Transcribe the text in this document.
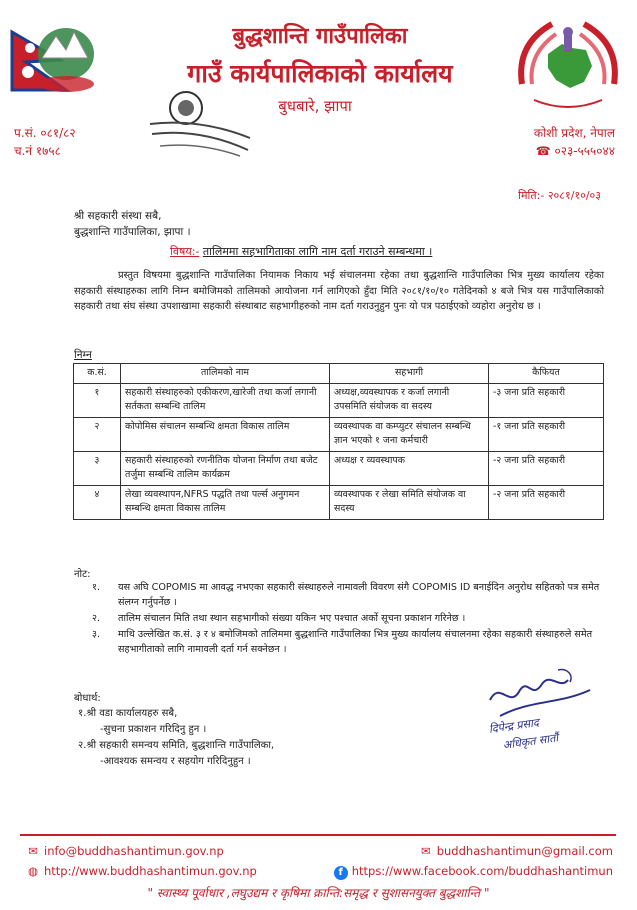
बुद्धशान्ति गाउँपालिका
गाउँ कार्यपालिकाको कार्यालय
बुधबारे, झापा
प.सं. ०८१/८२
च.नं १७५८
कोशी प्रदेश, नेपाल
☎ ०२३-५५५०४४
मिति:- २०८१/१०/०३
श्री सहकारी संस्था सबै,
बुद्धशान्ति गाउँपालिका, झापा ।
विषय:- तालिममा सहभागिताका लागि नाम दर्ता गराउने सम्बन्धमा ।
प्रस्तुत विषयमा बुद्धशान्ति गाउँपालिका नियामक निकाय भई संचालनमा रहेका तथा बुद्धशान्ति गाउँपालिका भित्र मुख्य कार्यालय रहेका सहकारी संस्थाहरुका लागि निम्न बमोजिमको तालिमको आयोजना गर्न लागिएको हुँदा मिति २०८१/१०/१० गतेदिनको ४ बजे भित्र यस गाउँपालिकाको सहकारी तथा संघ संस्था उपशाखामा सहकारी संस्थाबाट सहभागीहरुको नाम दर्ता गराउनुहुन पुनः यो पत्र पठाईएको व्यहोरा अनुरोध छ ।
निम्न
क.सं.	तालिमको नाम	सहभागी	कैफियत
१	सहकारी संस्थाहरुको एकीकरण,खारेजी तथा कर्जा लगानी सर्तकता सम्बन्धि तालिम	अध्यक्ष,व्यवस्थापक र कर्जा लगानी उपसमिति संयोजक वा सदस्य	-३ जना प्रति सहकारी
२	कोपोमिस संचालन सम्बन्धि क्षमता विकास तालिम	व्यवस्थापक वा कम्प्युटर संचालन सम्बन्धि ज्ञान भएको १ जना कर्मचारी	-१ जना प्रति सहकारी
३	सहकारी संस्थाहरुको रणनीतिक योजना निर्माण तथा बजेट तर्जुमा सम्बन्धि तालिम कार्यक्रम	अध्यक्ष र व्यवस्थापक	-२ जना प्रति सहकारी
४	लेखा व्यवस्थापन,NFRS पद्धति तथा पर्ल्स अनुगमन सम्बन्धि क्षमता विकास तालिम	व्यवस्थापक र लेखा समिति संयोजक वा सदस्य	-२ जना प्रति सहकारी
नोट:
१.	यस अघि COPOMIS मा आवद्ध नभएका सहकारी संस्थाहरुले नामावली विवरण संगै COPOMIS ID बनाईदिन अनुरोध सहितको पत्र समेत संलग्न गर्नुपर्नेछ ।
२.	तालिम संचालन मिति तथा स्थान सहभागीको संख्या यकिन भए पश्चात अर्को सूचना प्रकाशन गरिनेछ ।
३.	माथि उल्लेखित क.सं. ३ र ४ बमोजिमको तालिममा बुद्धशान्ति गाउँपालिका भित्र मुख्य कार्यालय संचालनमा रहेका सहकारी संस्थाहरुले समेत सहभागीताको लागि नामावली दर्ता गर्न सक्नेछन ।
बोधार्थ:
१.श्री वडा कार्यालयहरु सबै,
-सुचना प्रकाशन गरिदिनु हुन ।
२.श्री सहकारी समन्वय समिति, बुद्धशान्ति गाउँपालिका,
-आवश्यक समन्वय र सहयोग गरिदिनुहुन ।
दिपेन्द्र प्रसाद
अधिकृत सातौं
✉ info@buddhashantimun.gov.np	✉ buddhashantimun@gmail.com
◍ http://www.buddhashantimun.gov.np	f https://www.facebook.com/buddhashantimun
" स्वास्थ्य पूर्वाधार ,लघुउद्यम र कृषिमा क्रान्ति:समृद्ध र सुशासनयुक्त बुद्धशान्ति "
